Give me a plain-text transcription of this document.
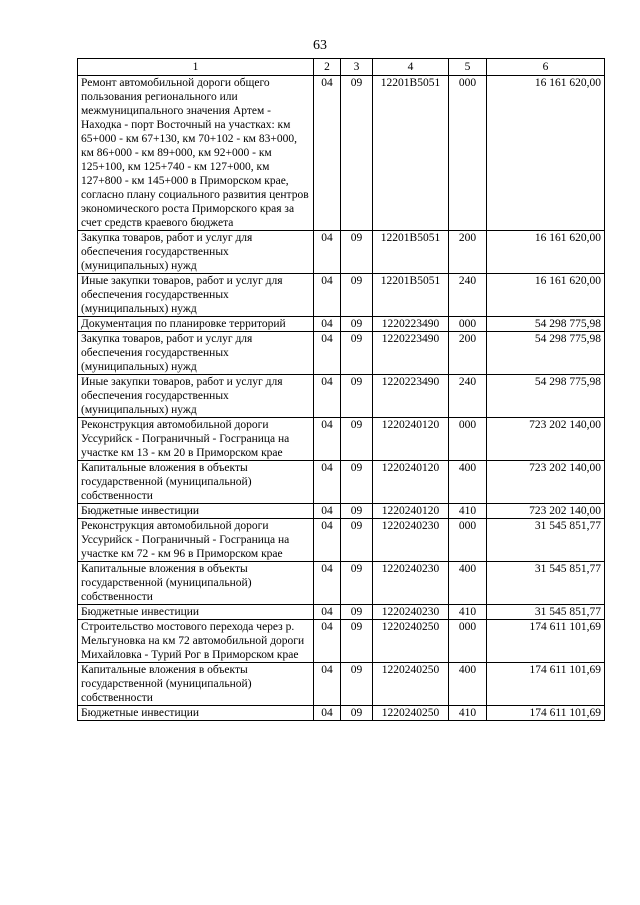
63
1	2	3	4	5	6
Ремонт автомобильной дороги общего пользования регионального или межмуниципального значения Артем - Находка - порт Восточный на участках: км 65+000 - км 67+130, км 70+102 - км 83+000, км 86+000 - км 89+000, км 92+000 - км 125+100, км 125+740 - км 127+000, км 127+800 - км 145+000 в Приморском крае, согласно плану социального развития центров экономического роста Приморского края за счет средств краевого бюджета	04	09	12201В5051	000	16 161 620,00
Закупка товаров, работ и услуг для обеспечения государственных (муниципальных) нужд	04	09	12201В5051	200	16 161 620,00
Иные закупки товаров, работ и услуг для обеспечения государственных (муниципальных) нужд	04	09	12201В5051	240	16 161 620,00
Документация по планировке территорий	04	09	1220223490	000	54 298 775,98
Закупка товаров, работ и услуг для обеспечения государственных (муниципальных) нужд	04	09	1220223490	200	54 298 775,98
Иные закупки товаров, работ и услуг для обеспечения государственных (муниципальных) нужд	04	09	1220223490	240	54 298 775,98
Реконструкция автомобильной дороги Уссурийск - Пограничный - Госграница на участке км 13 - км 20 в Приморском крае	04	09	1220240120	000	723 202 140,00
Капитальные вложения в объекты государственной (муниципальной) собственности	04	09	1220240120	400	723 202 140,00
Бюджетные инвестиции	04	09	1220240120	410	723 202 140,00
Реконструкция автомобильной дороги Уссурийск - Пограничный - Госграница на участке км 72 - км 96 в Приморском крае	04	09	1220240230	000	31 545 851,77
Капитальные вложения в объекты государственной (муниципальной) собственности	04	09	1220240230	400	31 545 851,77
Бюджетные инвестиции	04	09	1220240230	410	31 545 851,77
Строительство мостового перехода через р. Мельгуновка на км 72 автомобильной дороги Михайловка - Турий Рог в Приморском крае	04	09	1220240250	000	174 611 101,69
Капитальные вложения в объекты государственной (муниципальной) собственности	04	09	1220240250	400	174 611 101,69
Бюджетные инвестиции	04	09	1220240250	410	174 611 101,69
